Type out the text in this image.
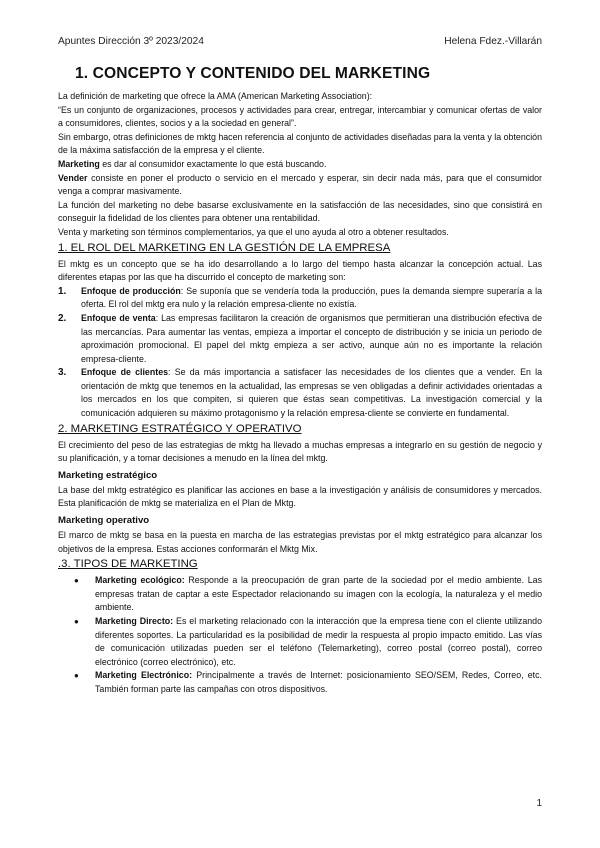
Apuntes Dirección 3º 2023/2024	Helena Fdez.-Villarán
1. CONCEPTO Y CONTENIDO DEL MARKETING

La definición de marketing que ofrece la AMA (American Marketing Association):

“Es un conjunto de organizaciones, procesos y actividades para crear, entregar, intercambiar y comunicar ofertas de valor a consumidores, clientes, socios y a la sociedad en general”.

Sin embargo, otras definiciones de mktg hacen referencia al conjunto de actividades diseñadas para la venta y la obtención de la máxima satisfacción de la empresa y el cliente.

Marketing es dar al consumidor exactamente lo que está buscando.

Vender consiste en poner el producto o servicio en el mercado y esperar, sin decir nada más, para que el consumidor venga a comprar masivamente.

La función del marketing no debe basarse exclusivamente en la satisfacción de las necesidades, sino que consistirá en conseguir la fidelidad de los clientes para obtener una rentabilidad.

Venta y marketing son términos complementarios, ya que el uno ayuda al otro a obtener resultados.

1. EL ROL DEL MARKETING EN LA GESTIÓN DE LA EMPRESA

El mktg es un concepto que se ha ido desarrollando a lo largo del tiempo hasta alcanzar la concepción actual. Las diferentes etapas por las que ha discurrido el concepto de marketing son:

1. Enfoque de producción: Se suponía que se vendería toda la producción, pues la demanda siempre superaría a la oferta. El rol del mktg era nulo y la relación empresa-cliente no existía.
2. Enfoque de venta: Las empresas facilitaron la creación de organismos que permitieran una distribución efectiva de las mercancías. Para aumentar las ventas, empieza a importar el concepto de distribución y se inicia un periodo de aproximación promocional. El papel del mktg empieza a ser activo, aunque aún no es importante la relación empresa-cliente.
3. Enfoque de clientes: Se da más importancia a satisfacer las necesidades de los clientes que a vender. En la orientación de mktg que tenemos en la actualidad, las empresas se ven obligadas a definir actividades orientadas a los mercados en los que compiten, si quieren que éstas sean competitivas. La investigación comercial y la comunicación adquieren su máximo protagonismo y la relación empresa-cliente se convierte en fundamental.
2. MARKETING ESTRATÉGICO Y OPERATIVO

El crecimiento del peso de las estrategias de mktg ha llevado a muchas empresas a integrarlo en su gestión de negocio y su planificación, y a tomar decisiones a menudo en la línea del mktg.

Marketing estratégico

La base del mktg estratégico es planificar las acciones en base a la investigación y análisis de consumidores y mercados. Esta planificación de mktg se materializa en el Plan de Mktg.

Marketing operativo

El marco de mktg se basa en la puesta en marcha de las estrategias previstas por el mktg estratégico para alcanzar los objetivos de la empresa. Estas acciones conformarán el Mktg Mix.

.3. TIPOS DE MARKETING
● Marketing ecológico: Responde a la preocupación de gran parte de la sociedad por el medio ambiente. Las empresas tratan de captar a este Espectador relacionando su imagen con la ecología, la naturaleza y el medio ambiente.
● Marketing Directo: Es el marketing relacionado con la interacción que la empresa tiene con el cliente utilizando diferentes soportes. La particularidad es la posibilidad de medir la respuesta al propio impacto emitido. Las vías de comunicación utilizadas pueden ser el teléfono (Telemarketing), correo postal (correo postal), correo electrónico (correo electrónico), etc.
● Marketing Electrónico: Principalmente a través de Internet: posicionamiento SEO/SEM, Redes, Correo, etc. También forman parte las campañas con otros dispositivos.
1
